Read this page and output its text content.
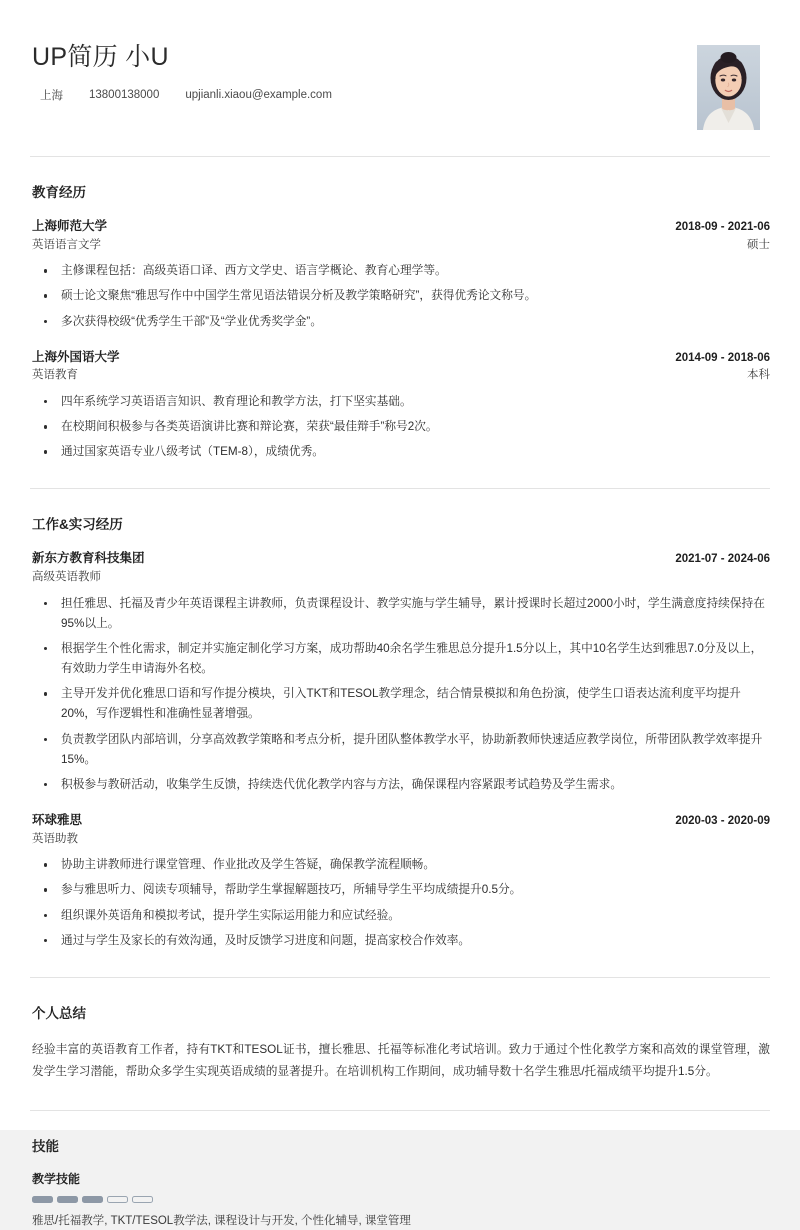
UP简历 小U
上海 13800138000 upjianli.xiaou@example.com
教育经历
上海师范大学	2018-09 - 2021-06
英语语言文学	硕士
主修课程包括：高级英语口译、西方文学史、语言学概论、教育心理学等。
硕士论文聚焦“雅思写作中中国学生常见语法错误分析及教学策略研究”，获得优秀论文称号。
多次获得校级“优秀学生干部”及“学业优秀奖学金”。
上海外国语大学	2014-09 - 2018-06
英语教育	本科
四年系统学习英语语言知识、教育理论和教学方法，打下坚实基础。
在校期间积极参与各类英语演讲比赛和辩论赛，荣获“最佳辩手”称号2次。
通过国家英语专业八级考试（TEM-8），成绩优秀。
工作&实习经历
新东方教育科技集团	2021-07 - 2024-06
高级英语教师
担任雅思、托福及青少年英语课程主讲教师，负责课程设计、教学实施与学生辅导，累计授课时长超过2000小时，学生满意度持续保持在95%以上。
根据学生个性化需求，制定并实施定制化学习方案，成功帮助40余名学生雅思总分提升1.5分以上，其中10名学生达到雅思7.0分及以上，有效助力学生申请海外名校。
主导开发并优化雅思口语和写作提分模块，引入TKT和TESOL教学理念，结合情景模拟和角色扮演，使学生口语表达流利度平均提升20%，写作逻辑性和准确性显著增强。
负责教学团队内部培训，分享高效教学策略和考点分析，提升团队整体教学水平，协助新教师快速适应教学岗位，所带团队教学效率提升15%。
积极参与教研活动，收集学生反馈，持续迭代优化教学内容与方法，确保课程内容紧跟考试趋势及学生需求。
环球雅思	2020-03 - 2020-09
英语助教
协助主讲教师进行课堂管理、作业批改及学生答疑，确保教学流程顺畅。
参与雅思听力、阅读专项辅导，帮助学生掌握解题技巧，所辅导学生平均成绩提升0.5分。
组织课外英语角和模拟考试，提升学生实际运用能力和应试经验。
通过与学生及家长的有效沟通，及时反馈学习进度和问题，提高家校合作效率。
个人总结
经验丰富的英语教育工作者，持有TKT和TESOL证书，擅长雅思、托福等标准化考试培训。致力于通过个性化教学方案和高效的课堂管理，激发学生学习潜能，帮助众多学生实现英语成绩的显著提升。在培训机构工作期间，成功辅导数十名学生雅思/托福成绩平均提升1.5分。
技能
教学技能
雅思/托福教学, TKT/TESOL教学法, 课程设计与开发, 个性化辅导, 课堂管理
